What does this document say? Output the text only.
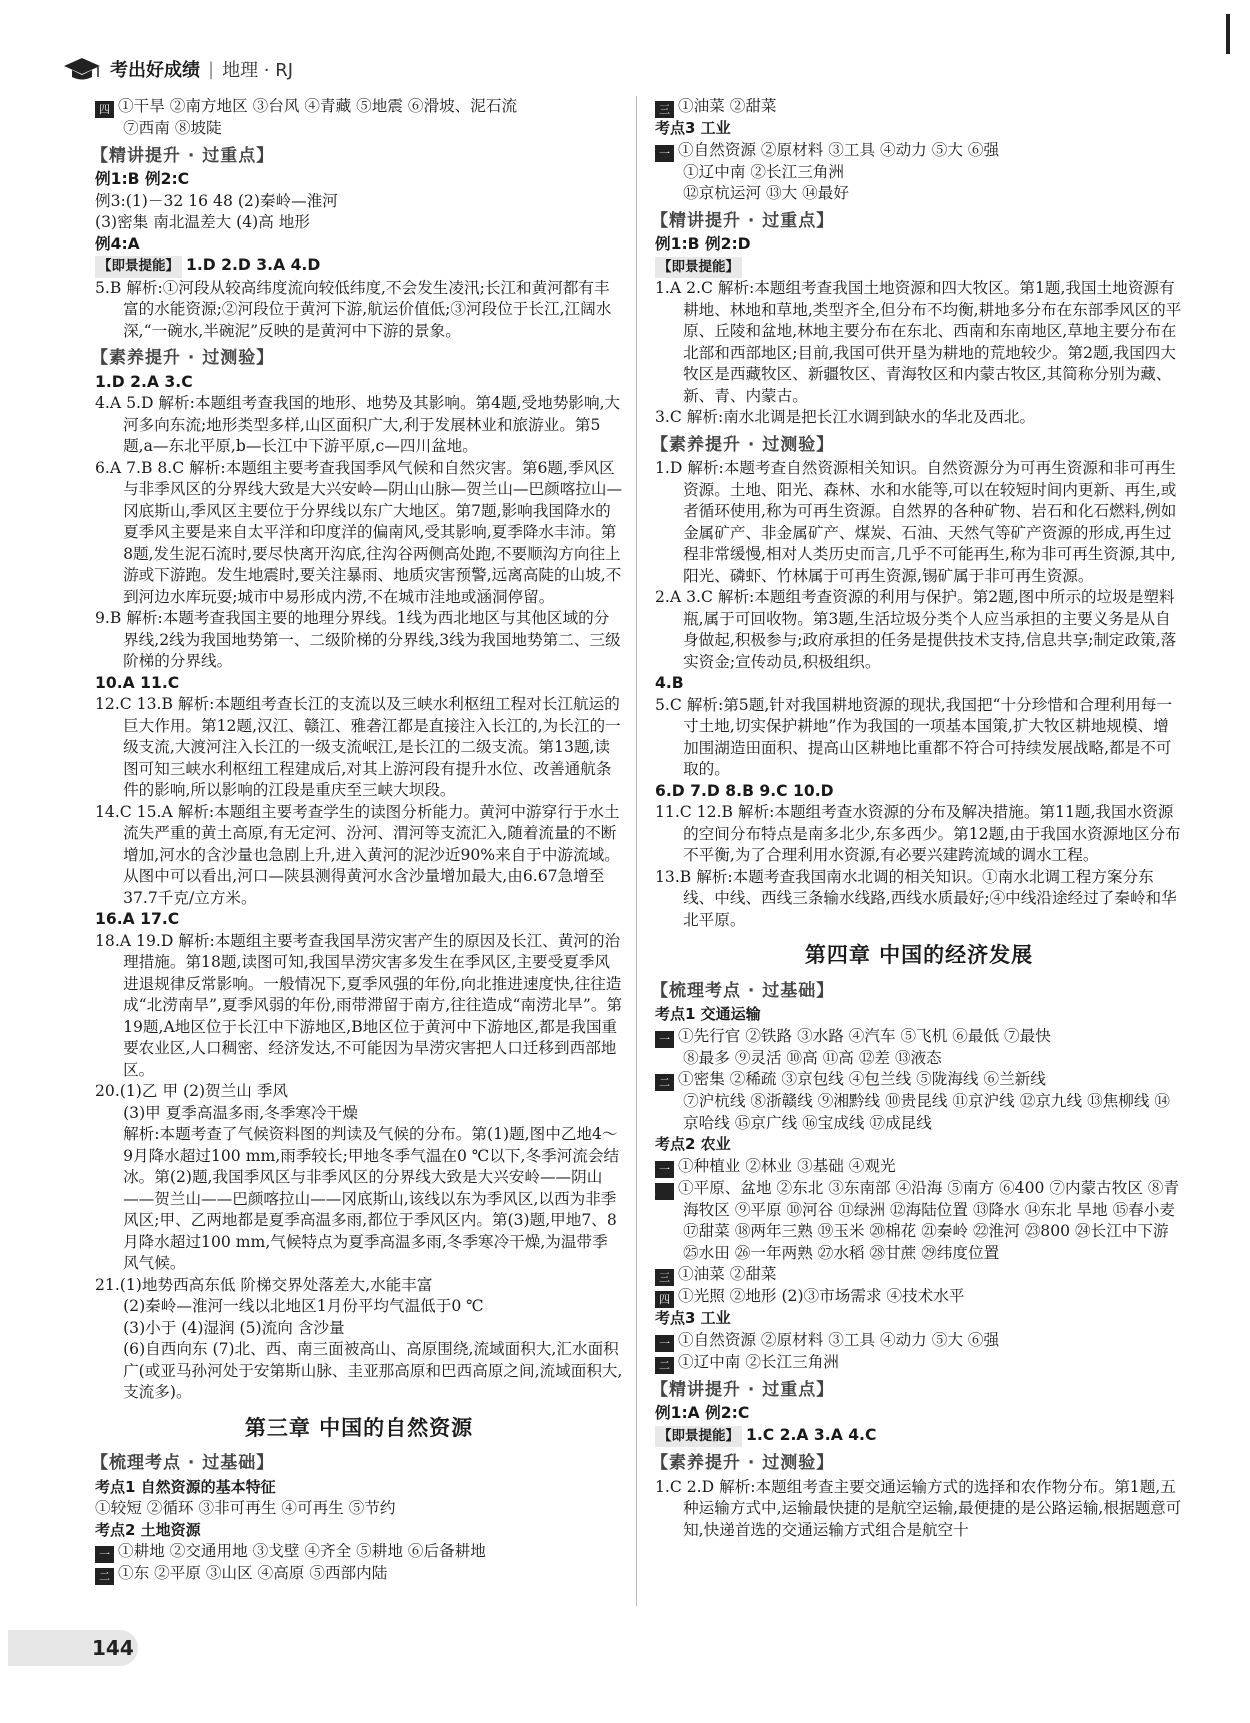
考出好成绩 | 地理 · RJ

四 ①干旱 ②南方地区 ③台风 ④青藏 ⑤地震 ⑥滑坡、泥石流

⑦西南 ⑧坡陡

【精讲提升 · 过重点】

例1:B 例2:C

例3:(1)－32 16 48 (2)秦岭—淮河

(3)密集 南北温差大 (4)高 地形

例4:A

【即景提能】 1.D 2.D 3.A 4.D

5.B 解析:①河段从较高纬度流向较低纬度,不会发生凌汛;长江和黄河都有丰富的水能资源;②河段位于黄河下游,航运价值低;③河段位于长江,江阔水深,“一碗水,半碗泥”反映的是黄河中下游的景象。

【素养提升 · 过测验】

1.D 2.A 3.C

4.A 5.D 解析:本题组考查我国的地形、地势及其影响。第4题,受地势影响,大河多向东流;地形类型多样,山区面积广大,利于发展林业和旅游业。第5题,a—东北平原,b—长江中下游平原,c—四川盆地。

6.A 7.B 8.C 解析:本题组主要考查我国季风气候和自然灾害。第6题,季风区与非季风区的分界线大致是大兴安岭—阴山山脉—贺兰山—巴颜喀拉山—冈底斯山,季风区主要位于分界线以东广大地区。第7题,影响我国降水的夏季风主要是来自太平洋和印度洋的偏南风,受其影响,夏季降水丰沛。第8题,发生泥石流时,要尽快离开沟底,往沟谷两侧高处跑,不要顺沟方向往上游或下游跑。发生地震时,要关注暴雨、地质灾害预警,远离高陡的山坡,不到河边水库玩耍;城市中易形成内涝,不在城市洼地或涵洞停留。

9.B 解析:本题考查我国主要的地理分界线。1线为西北地区与其他区域的分界线,2线为我国地势第一、二级阶梯的分界线,3线为我国地势第二、三级阶梯的分界线。

10.A 11.C

12.C 13.B 解析:本题组考查长江的支流以及三峡水利枢纽工程对长江航运的巨大作用。第12题,汉江、赣江、雅砻江都是直接注入长江的,为长江的一级支流,大渡河注入长江的一级支流岷江,是长江的二级支流。第13题,读图可知三峡水利枢纽工程建成后,对其上游河段有提升水位、改善通航条件的影响,所以影响的江段是重庆至三峡大坝段。

14.C 15.A 解析:本题组主要考查学生的读图分析能力。黄河中游穿行于水土流失严重的黄土高原,有无定河、汾河、渭河等支流汇入,随着流量的不断增加,河水的含沙量也急剧上升,进入黄河的泥沙近90%来自于中游流域。从图中可以看出,河口—陕县测得黄河水含沙量增加最大,由6.67急增至37.7千克/立方米。

16.A 17.C

18.A 19.D 解析:本题组主要考查我国旱涝灾害产生的原因及长江、黄河的治理措施。第18题,读图可知,我国旱涝灾害多发生在季风区,主要受夏季风进退规律反常影响。一般情况下,夏季风强的年份,向北推进速度快,往往造成“北涝南旱”,夏季风弱的年份,雨带滞留于南方,往往造成“南涝北旱”。第19题,A地区位于长江中下游地区,B地区位于黄河中下游地区,都是我国重要农业区,人口稠密、经济发达,不可能因为旱涝灾害把人口迁移到西部地区。

20.(1)乙 甲 (2)贺兰山 季风

(3)甲 夏季高温多雨,冬季寒冷干燥

解析:本题考查了气候资料图的判读及气候的分布。第(1)题,图中乙地4～9月降水超过100 mm,雨季较长;甲地冬季气温在0 ℃以下,冬季河流会结冰。第(2)题,我国季风区与非季风区的分界线大致是大兴安岭——阴山——贺兰山——巴颜喀拉山——冈底斯山,该线以东为季风区,以西为非季风区;甲、乙两地都是夏季高温多雨,都位于季风区内。第(3)题,甲地7、8月降水超过100 mm,气候特点为夏季高温多雨,冬季寒冷干燥,为温带季风气候。

21.(1)地势西高东低 阶梯交界处落差大,水能丰富

(2)秦岭—淮河一线以北地区1月份平均气温低于0 ℃

(3)小于 (4)湿润 (5)流向 含沙量

(6)自西向东 (7)北、西、南三面被高山、高原围绕,流域面积大,汇水面积广(或亚马孙河处于安第斯山脉、圭亚那高原和巴西高原之间,流域面积大,支流多)。

第三章 中国的自然资源
【梳理考点 · 过基础】

考点1 自然资源的基本特征

①较短 ②循环 ③非可再生 ④可再生 ⑤节约

考点2 土地资源

一 ①耕地 ②交通用地 ③戈壁 ④齐全 ⑤耕地 ⑥后备耕地

二 ①东 ②平原 ③山区 ④高原 ⑤西部内陆

三 ①油菜 ②甜菜

考点3 工业

一 ①自然资源 ②原材料 ③工具 ④动力 ⑤大 ⑥强

①辽中南 ②长江三角洲

⑫京杭运河 ⑬大 ⑭最好

【精讲提升 · 过重点】

例1:B 例2:D

【即景提能】

1.A 2.C 解析:本题组考查我国土地资源和四大牧区。第1题,我国土地资源有耕地、林地和草地,类型齐全,但分布不均衡,耕地多分布在东部季风区的平原、丘陵和盆地,林地主要分布在东北、西南和东南地区,草地主要分布在北部和西部地区;目前,我国可供开垦为耕地的荒地较少。第2题,我国四大牧区是西藏牧区、新疆牧区、青海牧区和内蒙古牧区,其简称分别为藏、新、青、内蒙古。

3.C 解析:南水北调是把长江水调到缺水的华北及西北。

【素养提升 · 过测验】

1.D 解析:本题考查自然资源相关知识。自然资源分为可再生资源和非可再生资源。土地、阳光、森林、水和水能等,可以在较短时间内更新、再生,或者循环使用,称为可再生资源。自然界的各种矿物、岩石和化石燃料,例如金属矿产、非金属矿产、煤炭、石油、天然气等矿产资源的形成,再生过程非常缓慢,相对人类历史而言,几乎不可能再生,称为非可再生资源,其中,阳光、磷虾、竹林属于可再生资源,锡矿属于非可再生资源。

2.A 3.C 解析:本题组考查资源的利用与保护。第2题,图中所示的垃圾是塑料瓶,属于可回收物。第3题,生活垃圾分类个人应当承担的主要义务是从自身做起,积极参与;政府承担的任务是提供技术支持,信息共享;制定政策,落实资金;宣传动员,积极组织。

4.B

5.C 解析:第5题,针对我国耕地资源的现状,我国把“十分珍惜和合理利用每一寸土地,切实保护耕地”作为我国的一项基本国策,扩大牧区耕地规模、增加围湖造田面积、提高山区耕地比重都不符合可持续发展战略,都是不可取的。

6.D 7.D 8.B 9.C 10.D

11.C 12.B 解析:本题组考查水资源的分布及解决措施。第11题,我国水资源的空间分布特点是南多北少,东多西少。第12题,由于我国水资源地区分布不平衡,为了合理利用水资源,有必要兴建跨流域的调水工程。

13.B 解析:本题考查我国南水北调的相关知识。①南水北调工程方案分东线、中线、西线三条输水线路,西线水质最好;④中线沿途经过了秦岭和华北平原。

第四章 中国的经济发展
【梳理考点 · 过基础】

考点1 交通运输

一 ①先行官 ②铁路 ③水路 ④汽车 ⑤飞机 ⑥最低 ⑦最快

⑧最多 ⑨灵活 ⑩高 ⑪高 ⑫差 ⑬液态

二 ①密集 ②稀疏 ③京包线 ④包兰线 ⑤陇海线 ⑥兰新线

⑦沪杭线 ⑧浙赣线 ⑨湘黔线 ⑩贵昆线 ⑪京沪线 ⑫京九线 ⑬焦柳线 ⑭京哈线 ⑮京广线 ⑯宝成线 ⑰成昆线

考点2 农业

一 ①种植业 ②林业 ③基础 ④观光

二 ①平原、盆地 ②东北 ③东南部 ④沿海 ⑤南方 ⑥400 ⑦内蒙古牧区 ⑧青海牧区 ⑨平原 ⑩河谷 ⑪绿洲 ⑫海陆位置 ⑬降水 ⑭东北 旱地 ⑮春小麦 ⑰甜菜 ⑱两年三熟 ⑲玉米 ⑳棉花 ㉑秦岭 ㉒淮河 ㉓800 ㉔长江中下游 ㉕水田 ㉖一年两熟 ㉗水稻 ㉘甘蔗 ㉙纬度位置

三 ①油菜 ②甜菜

四 ①光照 ②地形 (2)③市场需求 ④技术水平

考点3 工业

一 ①自然资源 ②原材料 ③工具 ④动力 ⑤大 ⑥强

二 ①辽中南 ②长江三角洲

【精讲提升 · 过重点】

例1:A 例2:C

【即景提能】 1.C 2.A 3.A 4.C

【素养提升 · 过测验】

1.C 2.D 解析:本题组考查主要交通运输方式的选择和农作物分布。第1题,五种运输方式中,运输最快捷的是航空运输,最便捷的是公路运输,根据题意可知,快递首选的交通运输方式组合是航空十

144
